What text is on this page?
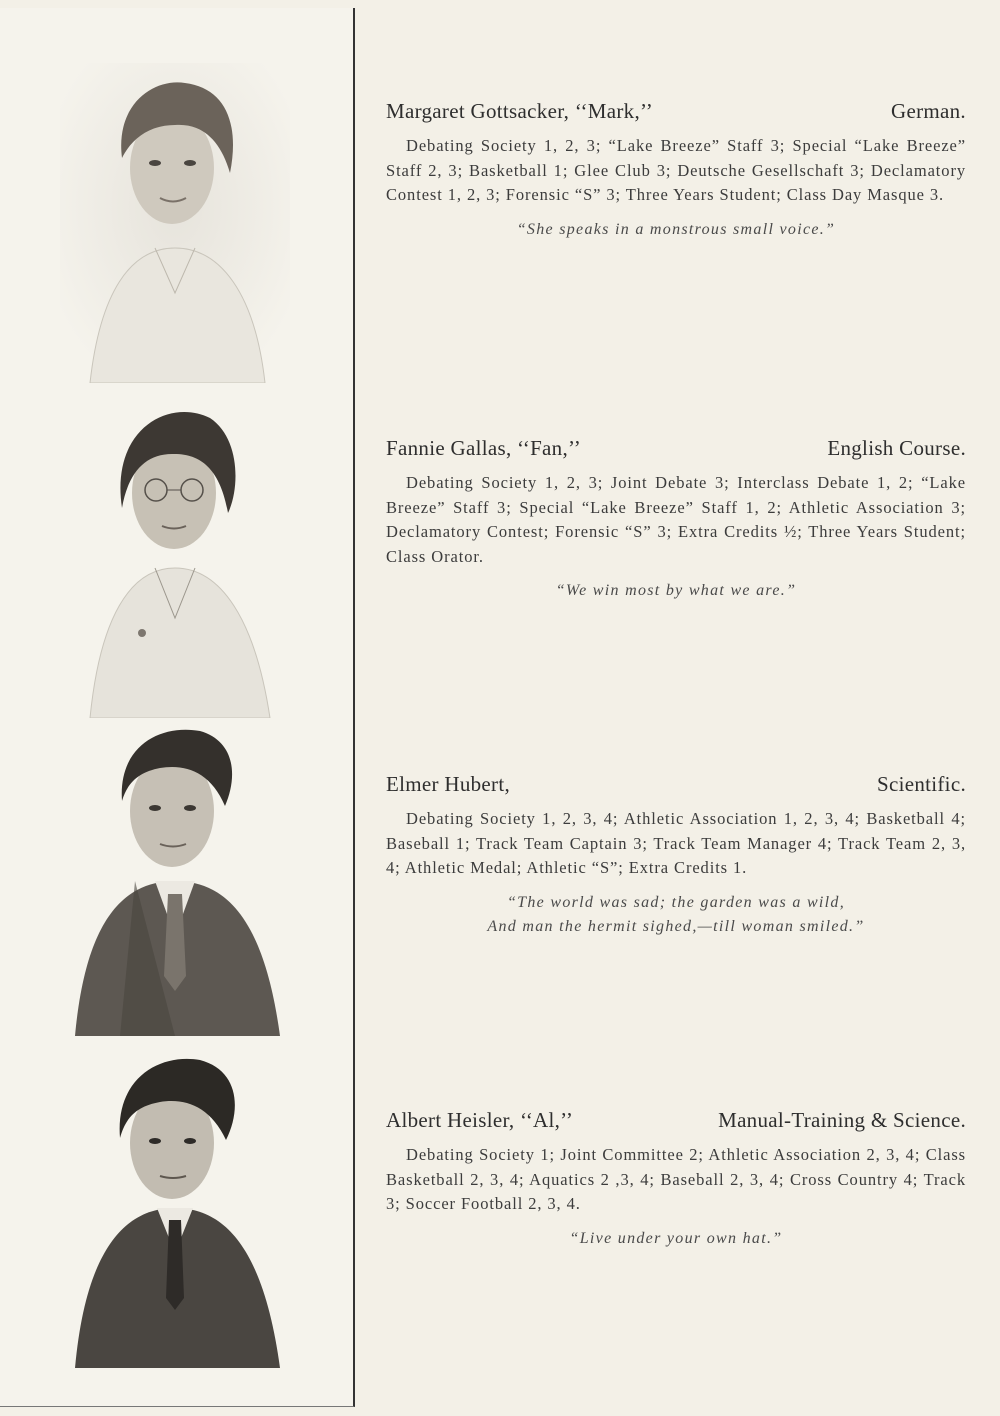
Margaret Gottsacker, ‘‘Mark,’’	German.
Debating Society 1, 2, 3; “Lake Breeze” Staff 3; Special “Lake Breeze” Staff 2, 3; Basketball 1; Glee Club 3; Deutsche Gesellschaft 3; Declamatory Contest 1, 2, 3; Forensic “S” 3; Three Years Student; Class Day Masque 3.
“She speaks in a monstrous small voice.”
Fannie Gallas, ‘‘Fan,’’	English Course.
Debating Society 1, 2, 3; Joint Debate 3; Interclass Debate 1, 2; “Lake Breeze” Staff 3; Special “Lake Breeze” Staff 1, 2; Athletic Association 3; Declamatory Contest; Forensic “S” 3; Extra Credits ½; Three Years Student; Class Orator.
“We win most by what we are.”
Elmer Hubert,	Scientific.
Debating Society 1, 2, 3, 4; Athletic Association 1, 2, 3, 4; Basketball 4; Baseball 1; Track Team Captain 3; Track Team Manager 4; Track Team 2, 3, 4; Athletic Medal; Athletic “S”; Extra Credits 1.
“The world was sad; the garden was a wild,
And man the hermit sighed,—till woman smiled.”
Albert Heisler, ‘‘Al,’’	Manual-Training & Science.
Debating Society 1; Joint Committee 2; Athletic Association 2, 3, 4; Class Basketball 2, 3, 4; Aquatics 2 ,3, 4; Baseball 2, 3, 4; Cross Country 4; Track 3; Soccer Football 2, 3, 4.
“Live under your own hat.”
